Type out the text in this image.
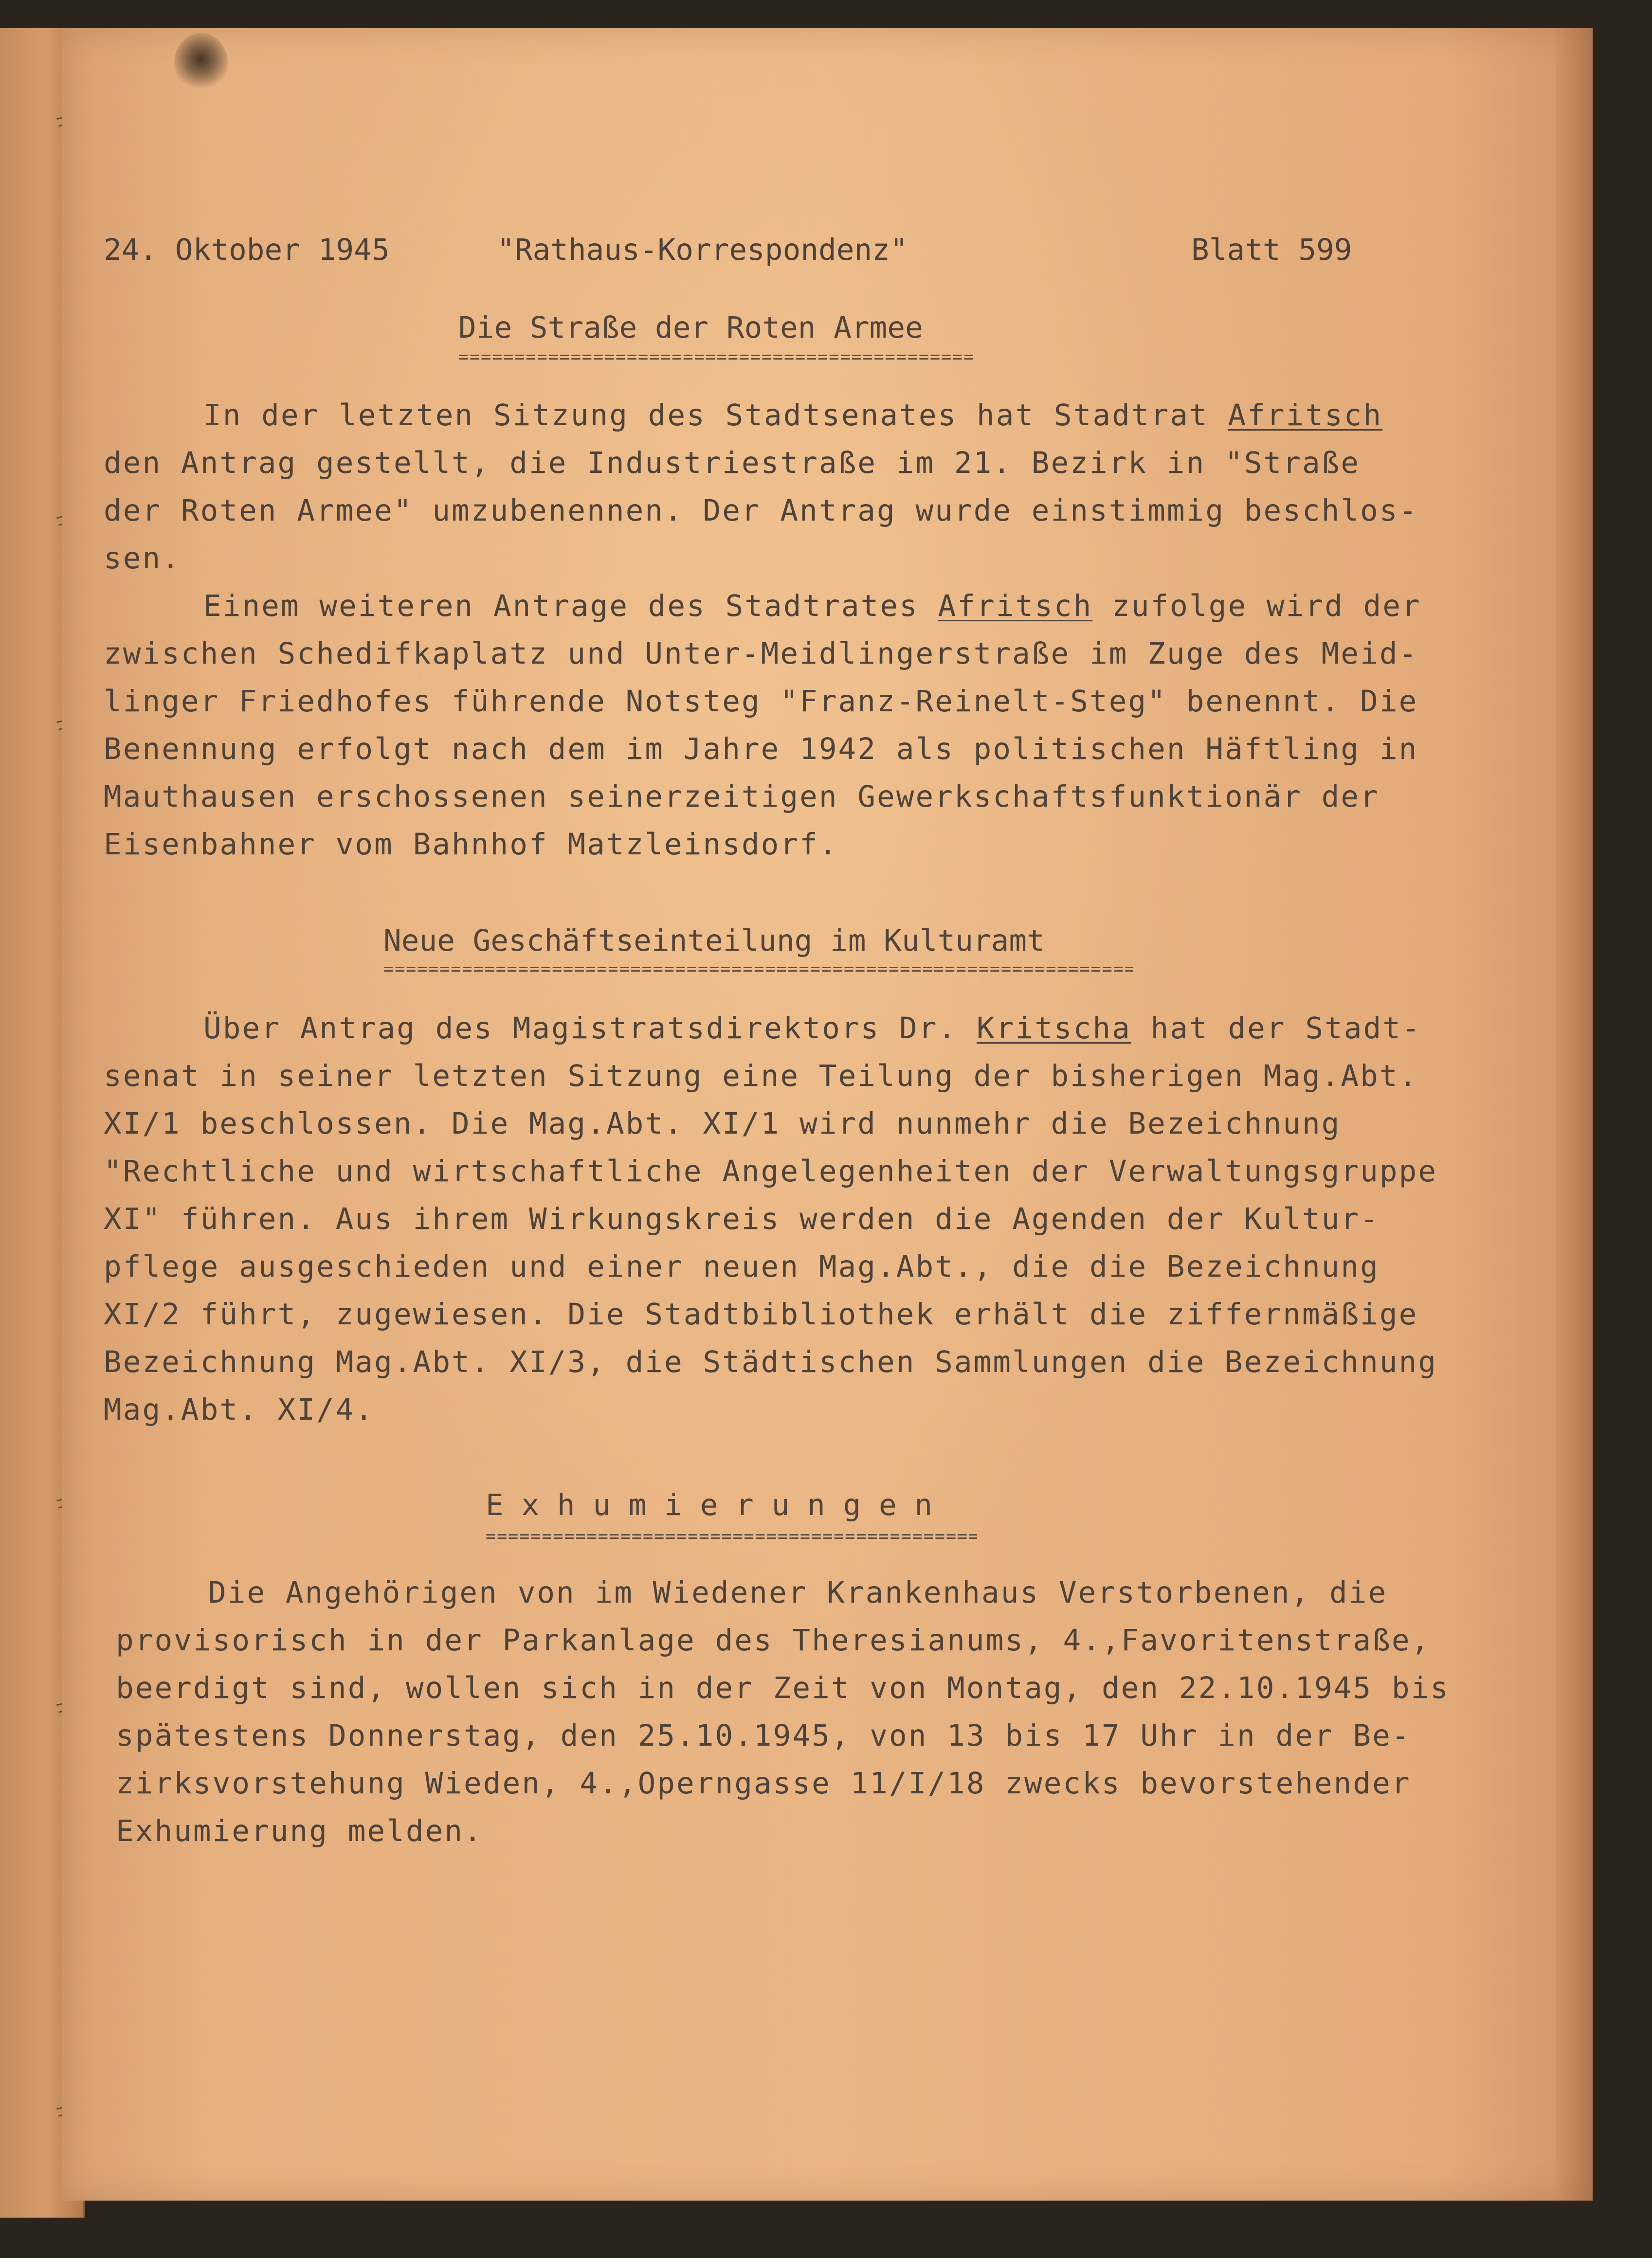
24. Oktober 1945	"Rathaus-Korrespondenz"	Blatt 599
Die Straße der Roten Armee
=====
In der letzten Sitzung des Stadtsenates hat Stadtrat Afritsch
den Antrag gestellt, die Industriestraße im 21. Bezirk in "Straße
der Roten Armee" umzubenennen. Der Antrag wurde einstimmig beschlos-
sen.
Einem weiteren Antrage des Stadtrates Afritsch zufolge wird der
zwischen Schedifkaplatz und Unter-Meidlingerstraße im Zuge des Meid-
linger Friedhofes führende Notsteg "Franz-Reinelt-Steg" benennt. Die
Benennung erfolgt nach dem im Jahre 1942 als politischen Häftling in
Mauthausen erschossenen seinerzeitigen Gewerkschaftsfunktionär der
Eisenbahner vom Bahnhof Matzleinsdorf.
Neue Geschäftseinteilung im Kulturamt
=====
Über Antrag des Magistratsdirektors Dr. Kritscha hat der Stadt-
senat in seiner letzten Sitzung eine Teilung der bisherigen Mag.Abt.
XI/1 beschlossen. Die Mag.Abt. XI/1 wird nunmehr die Bezeichnung
"Rechtliche und wirtschaftliche Angelegenheiten der Verwaltungsgruppe
XI" führen. Aus ihrem Wirkungskreis werden die Agenden der Kultur-
pflege ausgeschieden und einer neuen Mag.Abt., die die Bezeichnung
XI/2 führt, zugewiesen. Die Stadtbibliothek erhält die ziffernmäßige
Bezeichnung Mag.Abt. XI/3, die Städtischen Sammlungen die Bezeichnung
Mag.Abt. XI/4.
E x h u m i e r u n g e n
=====
Die Angehörigen von im Wiedener Krankenhaus Verstorbenen, die
provisorisch in der Parkanlage des Theresianums, 4.,Favoritenstraße,
beerdigt sind, wollen sich in der Zeit von Montag, den 22.10.1945 bis
spätestens Donnerstag, den 25.10.1945, von 13 bis 17 Uhr in der Be-
zirksvorstehung Wieden, 4.,Operngasse 11/I/18 zwecks bevorstehender
Exhumierung melden.
